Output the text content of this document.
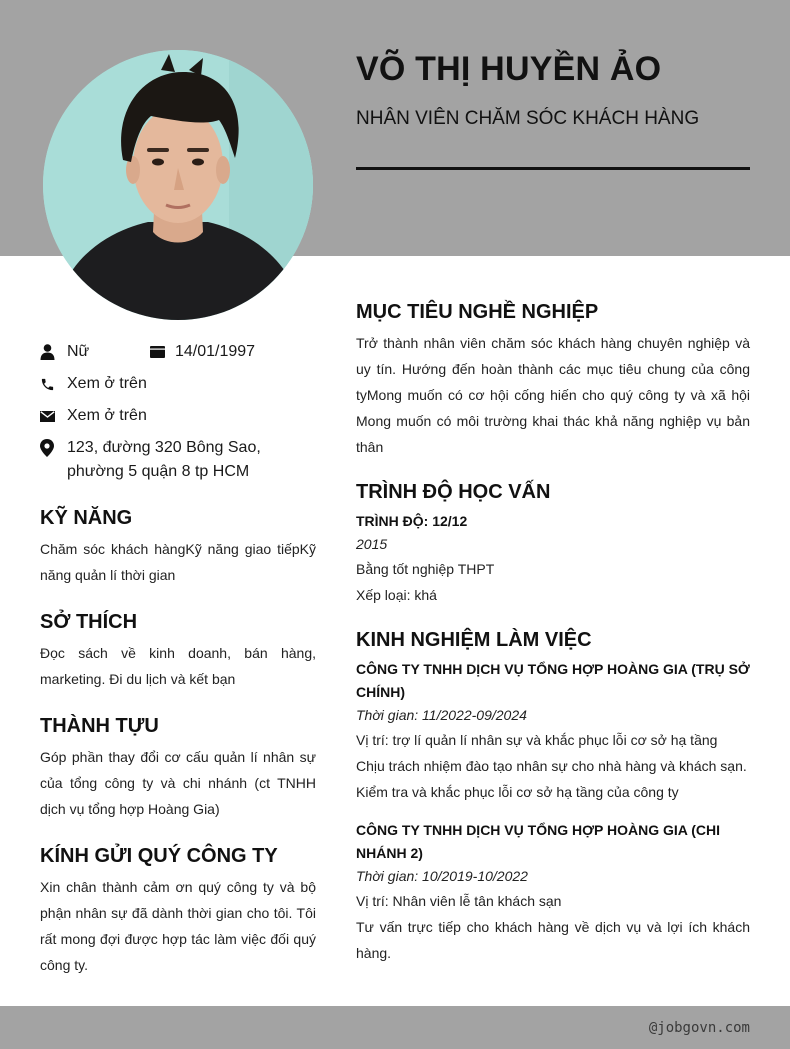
VÕ THỊ HUYỀN ẢO
NHÂN VIÊN CHĂM SÓC KHÁCH HÀNG
Nữ	14/01/1997
Xem ở trên
Xem ở trên
123, đường 320 Bông Sao, phường 5 quận 8 tp HCM
KỸ NĂNG
Chăm sóc khách hàngKỹ năng giao tiếpKỹ năng quản lí thời gian
SỞ THÍCH
Đọc sách về kinh doanh, bán hàng, marketing. Đi du lịch và kết bạn
THÀNH TỰU
Góp phần thay đổi cơ cấu quản lí nhân sự của tổng công ty và chi nhánh (ct TNHH dịch vụ tổng hợp Hoàng Gia)
KÍNH GỬI QUÝ CÔNG TY
Xin chân thành cảm ơn quý công ty và bộ phận nhân sự đã dành thời gian cho tôi. Tôi rất mong đợi được hợp tác làm việc đối quý công ty.
MỤC TIÊU NGHỀ NGHIỆP
Trở thành nhân viên chăm sóc khách hàng chuyên nghiệp và uy tín. Hướng đến hoàn thành các mục tiêu chung của công tyMong muốn có cơ hội cống hiến cho quý công ty và xã hội Mong muốn có môi trường khai thác khả năng nghiệp vụ bản thân
TRÌNH ĐỘ HỌC VẤN
TRÌNH ĐỘ: 12/12
2015
Bằng tốt nghiệp THPT
Xếp loại: khá
KINH NGHIỆM LÀM VIỆC
CÔNG TY TNHH DỊCH VỤ TỔNG HỢP HOÀNG GIA (TRỤ SỞ CHÍNH)
Thời gian: 11/2022-09/2024
Vị trí: trợ lí quản lí nhân sự và khắc phục lỗi cơ sở hạ tầng
Chịu trách nhiệm đào tạo nhân sự cho nhà hàng và khách sạn.
Kiểm tra và khắc phục lỗi cơ sở hạ tầng của công ty
CÔNG TY TNHH DỊCH VỤ TỔNG HỢP HOÀNG GIA (CHI NHÁNH 2)
Thời gian: 10/2019-10/2022
Vị trí: Nhân viên lễ tân khách sạn
Tư vấn trực tiếp cho khách hàng về dịch vụ và lợi ích khách hàng.
@jobgovn.com
